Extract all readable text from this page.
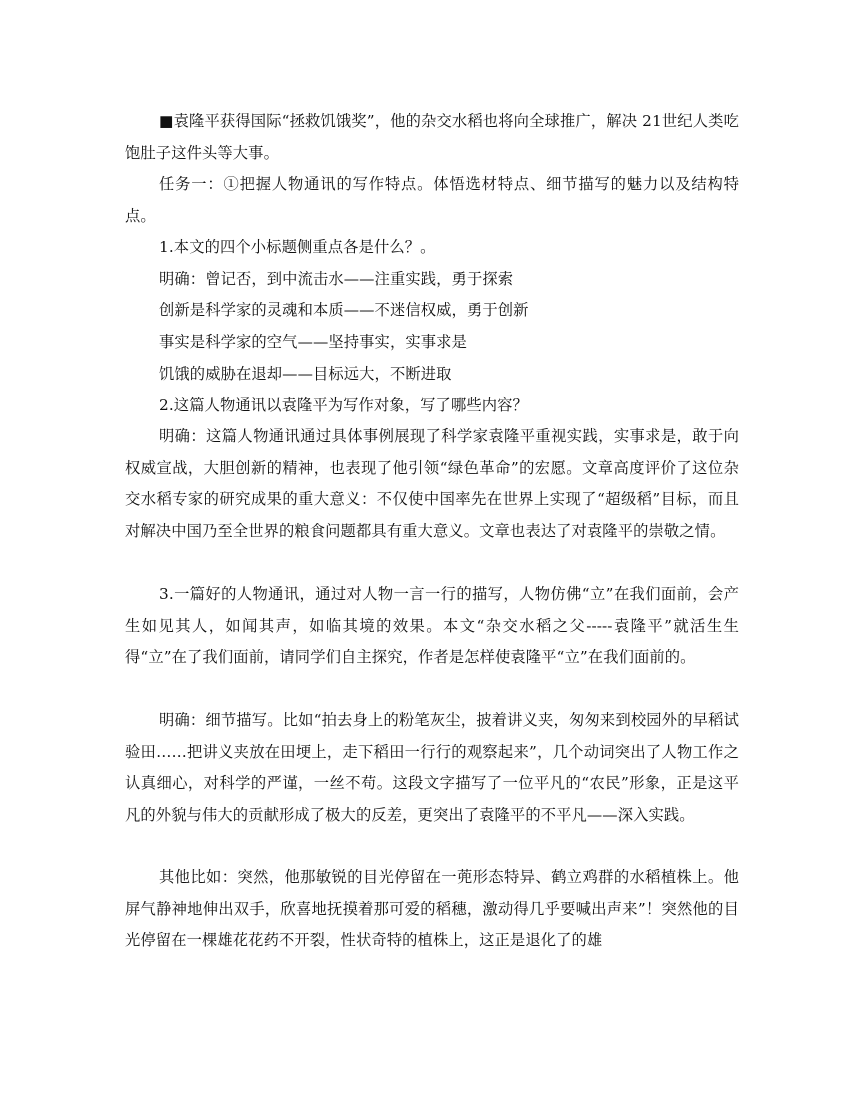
■袁隆平获得国际“拯救饥饿奖”，他的杂交水稻也将向全球推广，解决 21世纪人类吃饱肚子这件头等大事。

任务一：①把握人物通讯的写作特点。体悟选材特点、细节描写的魅力以及结构特点。

1.本文的四个小标题侧重点各是什么？。

明确：曾记否，到中流击水——注重实践，勇于探索

创新是科学家的灵魂和本质——不迷信权威，勇于创新

事实是科学家的空气——坚持事实，实事求是

饥饿的威胁在退却——目标远大，不断进取

2.这篇人物通讯以袁隆平为写作对象，写了哪些内容？

明确：这篇人物通讯通过具体事例展现了科学家袁隆平重视实践，实事求是，敢于向权威宣战，大胆创新的精神，也表现了他引领“绿色革命”的宏愿。文章高度评价了这位杂交水稻专家的研究成果的重大意义：不仅使中国率先在世界上实现了“超级稻”目标，而且对解决中国乃至全世界的粮食问题都具有重大意义。文章也表达了对袁隆平的崇敬之情。

3.一篇好的人物通讯，通过对人物一言一行的描写，人物仿佛“立”在我们面前，会产生如见其人，如闻其声，如临其境的效果。本文“杂交水稻之父-----袁隆平”就活生生得“立”在了我们面前，请同学们自主探究，作者是怎样使袁隆平“立”在我们面前的。

明确：细节描写。比如“拍去身上的粉笔灰尘，披着讲义夹，匆匆来到校园外的早稻试验田……把讲义夹放在田埂上，走下稻田一行行的观察起来”，几个动词突出了人物工作之认真细心，对科学的严谨，一丝不苟。这段文字描写了一位平凡的“农民”形象，正是这平凡的外貌与伟大的贡献形成了极大的反差，更突出了袁隆平的不平凡——深入实践。

其他比如：突然，他那敏锐的目光停留在一蔸形态特异、鹤立鸡群的水稻植株上。他屏气静神地伸出双手，欣喜地抚摸着那可爱的稻穗，激动得几乎要喊出声来”！突然他的目光停留在一棵雄花花药不开裂，性状奇特的植株上，这正是退化了的雄
